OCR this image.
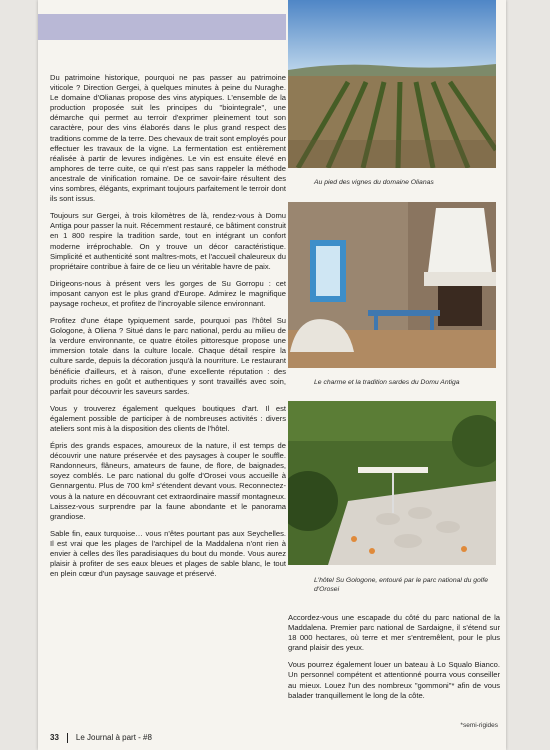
Du patrimoine historique, pourquoi ne pas passer au patrimoine viticole ? Direction Gergei, à quelques minutes à peine du Nuraghe. Le domaine d'Olianas propose des vins atypiques. L'ensemble de la production proposée suit les principes du "biointegrale", une démarche qui permet au terroir d'exprimer pleinement tout son caractère, pour des vins élaborés dans le plus grand respect des traditions comme de la terre. Des chevaux de trait sont employés pour effectuer les travaux de la vigne. La fermentation est entièrement réalisée à partir de levures indigènes. Le vin est ensuite élevé en amphores de terre cuite, ce qui n'est pas sans rappeler la méthode ancestrale de vinification romaine. De ce savoir-faire résultent des vins sombres, élégants, exprimant toujours parfaitement le terroir dont ils sont issus.

Toujours sur Gergei, à trois kilomètres de là, rendez-vous à Domu Antiga pour passer la nuit. Récemment restauré, ce bâtiment construit en 1 800 respire la tradition sarde, tout en intégrant un confort moderne irréprochable. On y trouve un décor caractéristique. Simplicité et authenticité sont maîtres-mots, et l'accueil chaleureux du propriétaire contribue à faire de ce lieu un véritable havre de paix.

Dirigeons-nous à présent vers les gorges de Su Gorropu : cet imposant canyon est le plus grand d'Europe. Admirez le magnifique paysage rocheux, et profitez de l'incroyable silence environnant.

Profitez d'une étape typiquement sarde, pourquoi pas l'hôtel Su Gologone, à Oliena ? Situé dans le parc national, perdu au milieu de la verdure environnante, ce quatre étoiles pittoresque propose une immersion totale dans la culture locale. Chaque détail respire la culture sarde, depuis la décoration jusqu'à la nourriture. Le restaurant bénéficie d'ailleurs, et à raison, d'une excellente réputation : des produits riches en goût et authentiques y sont travaillés avec soin, parfait pour découvrir les saveurs sardes.

Vous y trouverez également quelques boutiques d'art. Il est également possible de participer à de nombreuses activités : divers ateliers sont mis à la disposition des clients de l'hôtel.

Épris des grands espaces, amoureux de la nature, il est temps de découvrir une nature préservée et des paysages à couper le souffle. Randonneurs, flâneurs, amateurs de faune, de flore, de baignades, soyez comblés. Le parc national du golfe d'Orosei vous accueille à Gennargentu. Plus de 700 km² s'étendent devant vous. Reconnectez-vous à la nature en découvrant cet extraordinaire massif montagneux. Laissez-vous surprendre par la faune abondante et le panorama grandiose.

Sable fin, eaux turquoise… vous n'êtes pourtant pas aux Seychelles. Il est vrai que les plages de l'archipel de la Maddalena n'ont rien à envier à celles des îles paradisiaques du bout du monde. Vous aurez plaisir à profiter de ses eaux bleues et plages de sable blanc, le tout en plein cœur d'un paysage sauvage et préservé.

Au pied des vignes du domaine Olianas
Le charme et la tradition sardes du Domu Antiga
L'hôtel Su Gologone, entouré par le parc national du golfe d'Orosei

Accordez-vous une escapade du côté du parc national de la Maddalena. Premier parc national de Sardaigne, il s'étend sur 18 000 hectares, où terre et mer s'entremêlent, pour le plus grand plaisir des yeux.

Vous pourrez également louer un bateau à Lo Squalo Bianco. Un personnel compétent et attentionné pourra vous conseiller au mieux. Louez l'un des nombreux "gommoni"* afin de vous balader tranquillement le long de la côte.

*semi-rigides
33 Le Journal à part - #8
